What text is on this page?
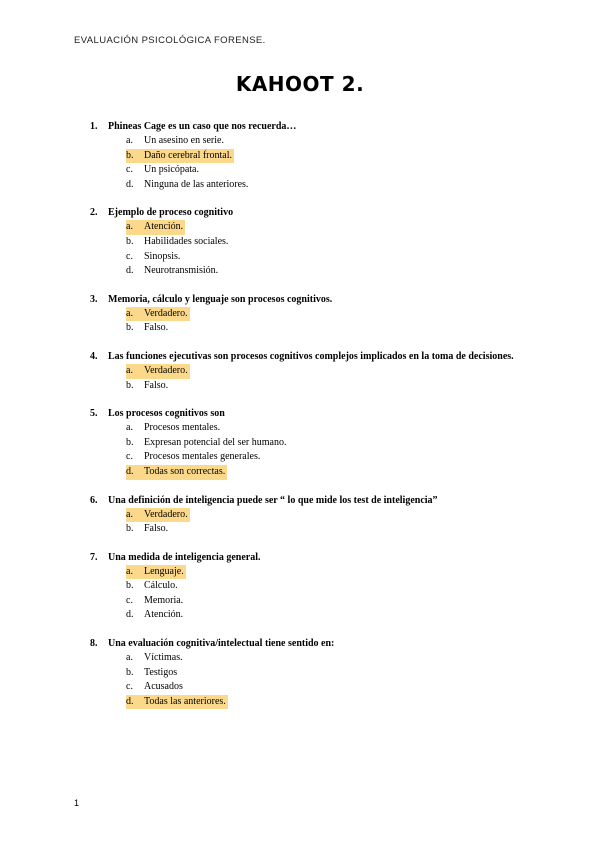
EVALUACIÓN PSICOLÓGICA FORENSE.
KAHOOT 2.
1.	Phineas Cage es un caso que nos recuerda…
a.	Un asesino en serie.
b.	Daño cerebral frontal.
c.	Un psicópata.
d.	Ninguna de las anteriores.
2.	Ejemplo de proceso cognitivo
a.	Atención.
b.	Habilidades sociales.
c.	Sinopsis.
d.	Neurotransmisión.
3.	Memoria, cálculo y lenguaje son procesos cognitivos.
a.	Verdadero.
b.	Falso.
4.	Las funciones ejecutivas son procesos cognitivos complejos implicados en la toma de decisiones.
a.	Verdadero.
b.	Falso.
5.	Los procesos cognitivos son
a.	Procesos mentales.
b.	Expresan potencial del ser humano.
c.	Procesos mentales generales.
d.	Todas son correctas.
6.	Una definición de inteligencia puede ser “ lo que mide los test de inteligencia”
a.	Verdadero.
b.	Falso.
7.	Una medida de inteligencia general.
a.	Lenguaje.
b.	Cálculo.
c.	Memoria.
d.	Atención.
8.	Una evaluación cognitiva/intelectual tiene sentido en:
a.	Víctimas.
b.	Testigos
c.	Acusados
d.	Todas las anteriores.
1
